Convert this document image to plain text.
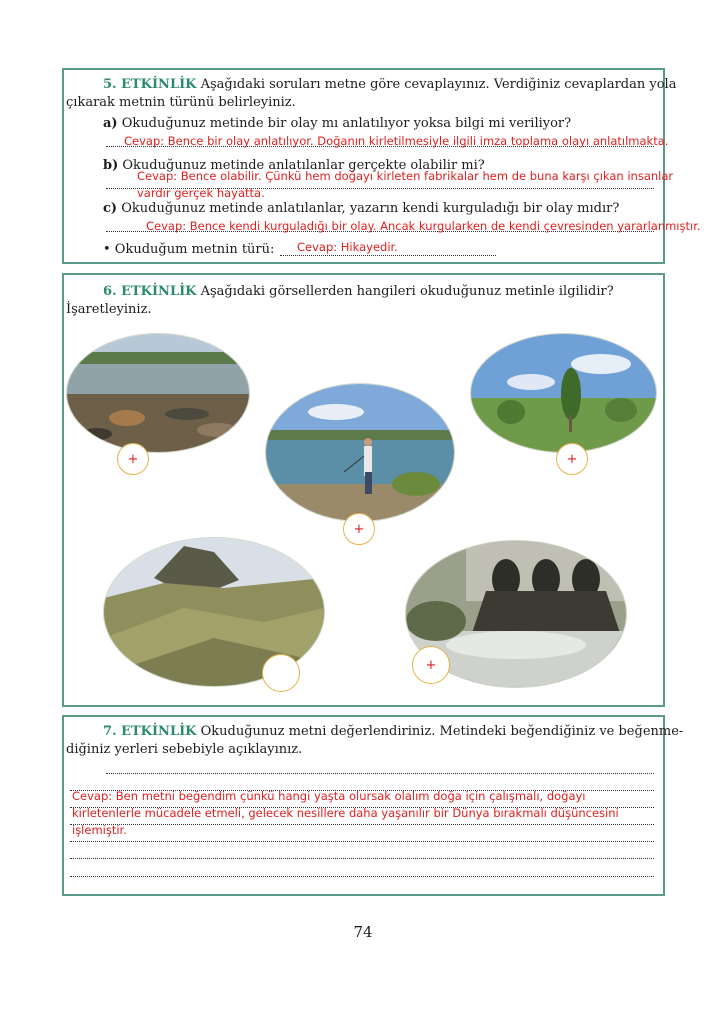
5. ETKİNLİK Aşağıdaki soruları metne göre cevaplayınız. Verdiğiniz cevaplardan yola
çıkarak metnin türünü belirleyiniz.
a) Okuduğunuz metinde bir olay mı anlatılıyor yoksa bilgi mi veriliyor?
Cevap: Bence bir olay anlatılıyor. Doğanın kirletilmesiyle ilgili imza toplama olayı anlatılmakta.
b) Okuduğunuz metinde anlatılanlar gerçekte olabilir mi?
Cevap: Bence olabilir. Çünkü hem doğayı kirleten fabrikalar hem de buna karşı çıkan insanlar
vardır gerçek hayatta.
c) Okuduğunuz metinde anlatılanlar, yazarın kendi kurguladığı bir olay mıdır?
Cevap: Bence kendi kurguladığı bir olay. Ancak kurgularken de kendi çevresinden yararlanmıştır.
• Okuduğum metnin türü: Cevap: Hikayedir.
6. ETKİNLİK Aşağıdaki görsellerden hangileri okuduğunuz metinle ilgilidir?
İşaretleyiniz.
+
+
+
+
7. ETKİNLİK Okuduğunuz metni değerlendiriniz. Metindeki beğendiğiniz ve beğenme-
diğiniz yerleri sebebiyle açıklayınız.
Cevap: Ben metni beğendim çünkü hangi yaşta olursak olalım doğa için çalışmalı, doğayı
kirletenlerle mücadele etmeli, gelecek nesillere daha yaşanılır bir Dünya bırakmalı düşüncesini
işlemiştir.
74
